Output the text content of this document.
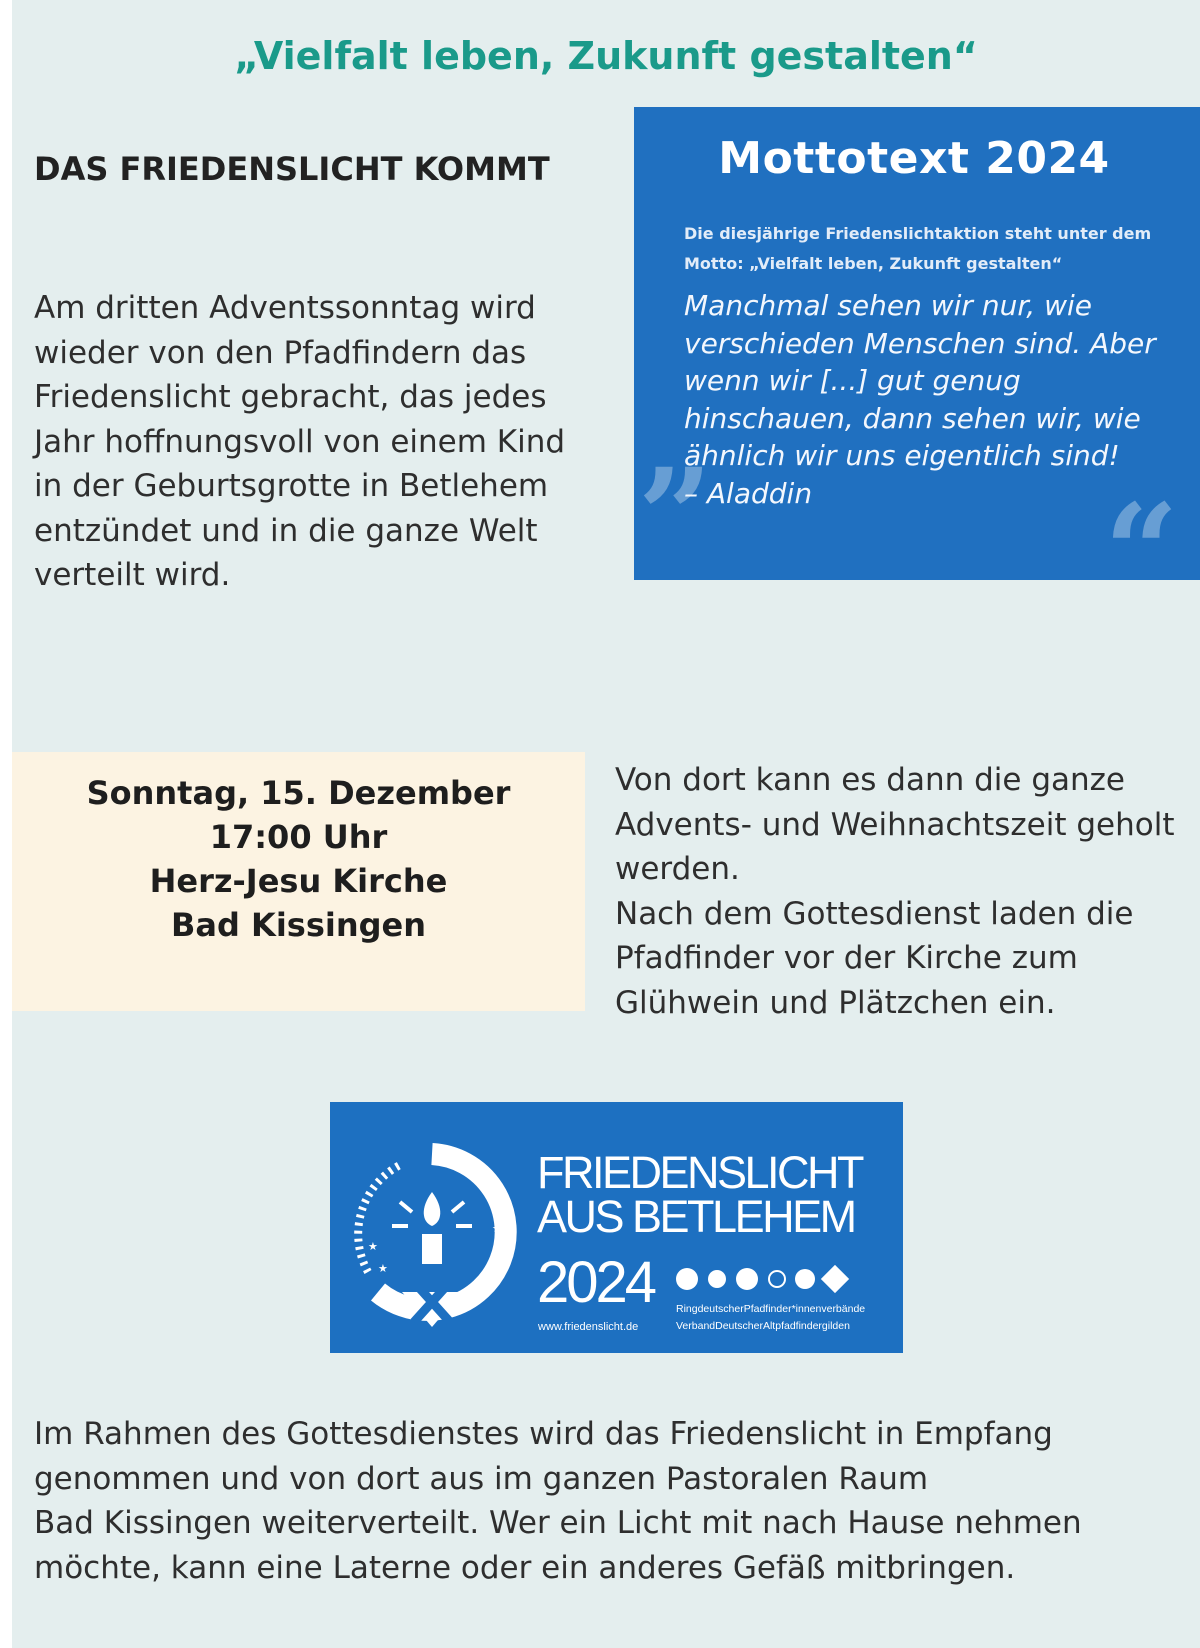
„Vielfalt leben, Zukunft gestalten“

DAS FRIEDENSLICHT KOMMT

Am dritten Adventssonntag wird wieder von den Pfadfindern das Friedenslicht gebracht, das jedes Jahr hoffnungsvoll von einem Kind in der Geburtsgrotte in Betlehem entzündet und in die ganze Welt verteilt wird.

Mottotext 2024

Die diesjährige Friedenslichtaktion steht unter dem Motto: „Vielfalt leben, Zukunft gestalten“

„
“

Manchmal sehen wir nur, wie verschieden Menschen sind. Aber wenn wir [...] gut genug hinschauen, dann sehen wir, wie ähnlich wir uns eigentlich sind!
– Aladdin

Sonntag, 15. Dezember

17:00 Uhr

Herz-Jesu Kirche

Bad Kissingen

Von dort kann es dann die ganze Advents- und Weihnachtszeit geholt werden.
Nach dem Gottesdienst laden die Pfadfinder vor der Kirche zum Glühwein und Plätzchen ein.

★
★
★
★
★

FRIEDENSLICHT

AUS BETLEHEM

2024

www.friedenslicht.de

RingdeutscherPfadfinder*innenverbände

VerbandDeutscherAltpfadfindergilden

Im Rahmen des Gottesdienstes wird das Friedenslicht in Empfang genommen und von dort aus im ganzen Pastoralen Raum
Bad Kissingen weiterverteilt. Wer ein Licht mit nach Hause nehmen möchte, kann eine Laterne oder ein anderes Gefäß mitbringen.
